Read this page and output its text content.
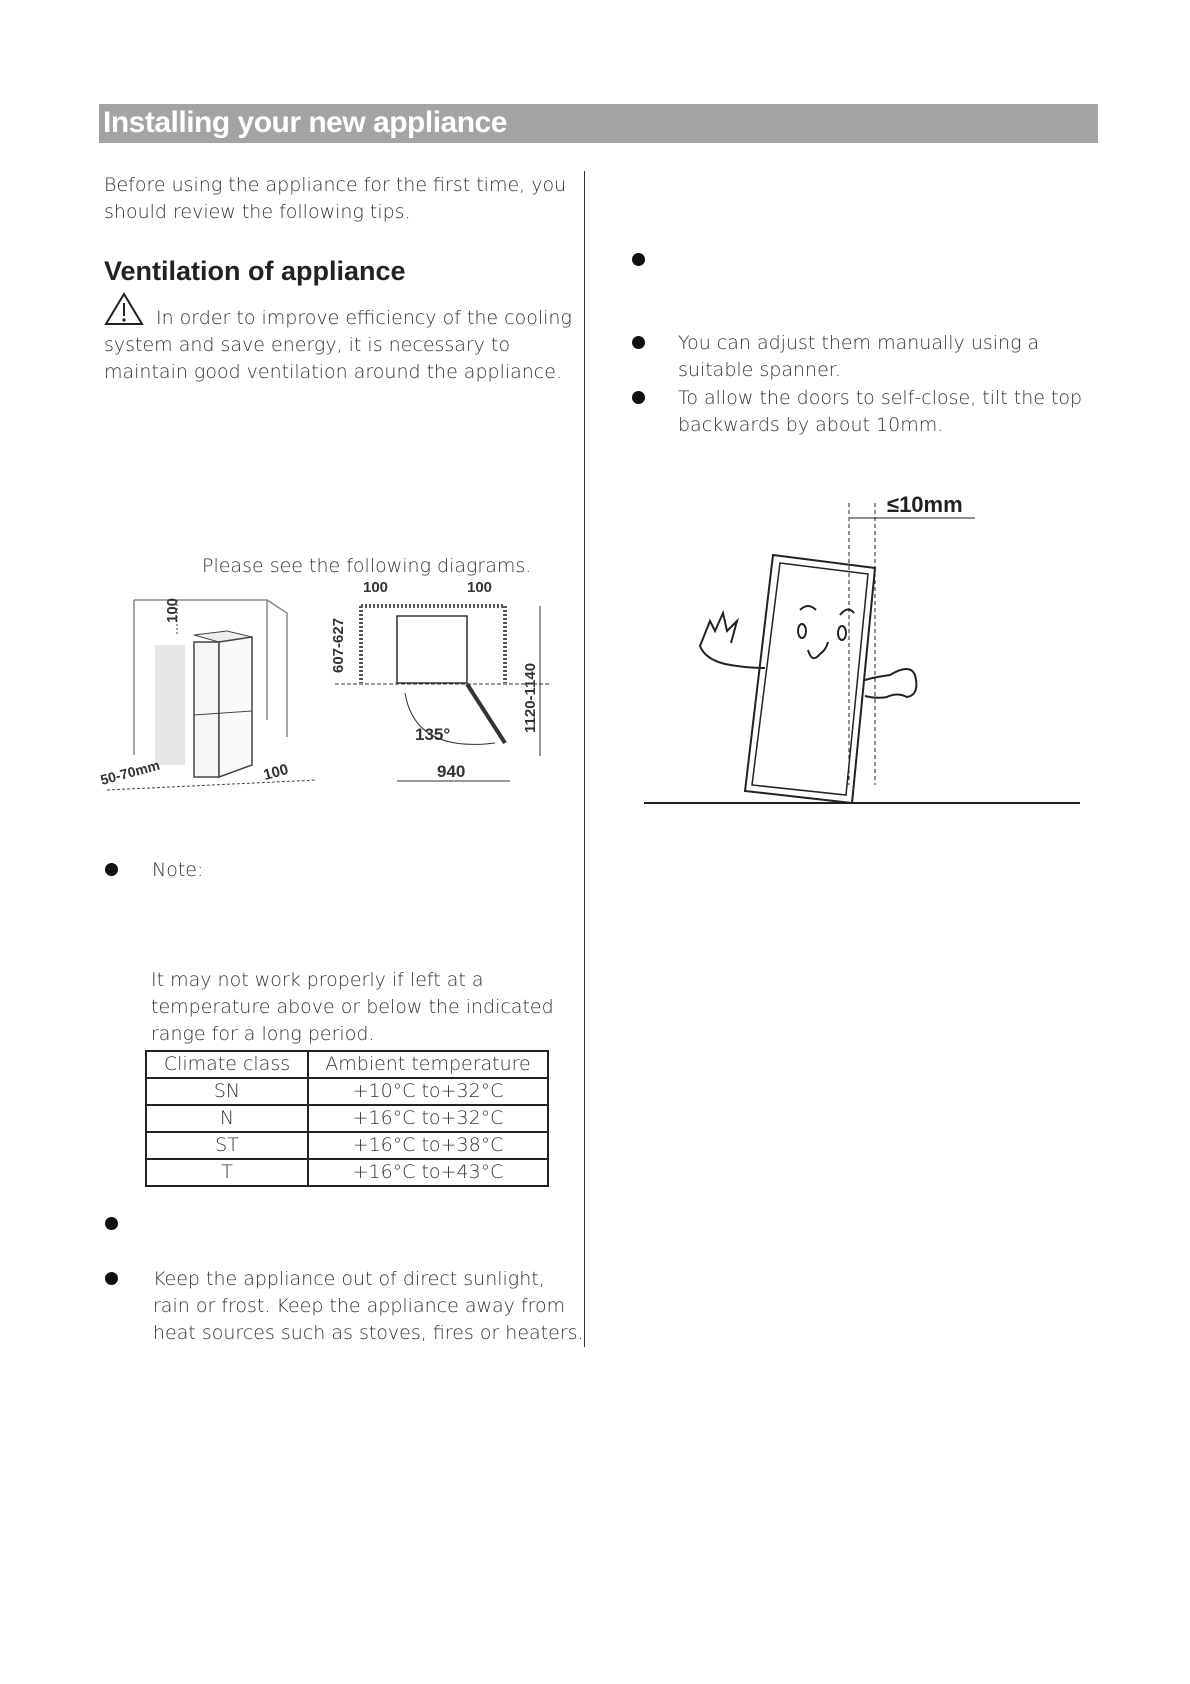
Installing your new appliance
Before using the appliance for the first time, you
should review the following tips.
Ventilation of appliance
In order to improve efficiency of the cooling
system and save energy, it is necessary to
maintain good ventilation around the appliance.
Please see the following diagrams.
100
50-70mm	100
100	100
607-627
1120-1140
135°
940
Note:
It may not work properly if left at a
temperature above or below the indicated
range for a long period.
Climate class	Ambient temperature
SN	+10°C to+32°C
N	+16°C to+32°C
ST	+16°C to+38°C
T	+16°C to+43°C
Keep the appliance out of direct sunlight,
rain or frost. Keep the appliance away from
heat sources such as stoves, fires or heaters.
You can adjust them manually using a
suitable spanner.
To allow the doors to self-close, tilt the top
backwards by about 10mm.
≤10mm
